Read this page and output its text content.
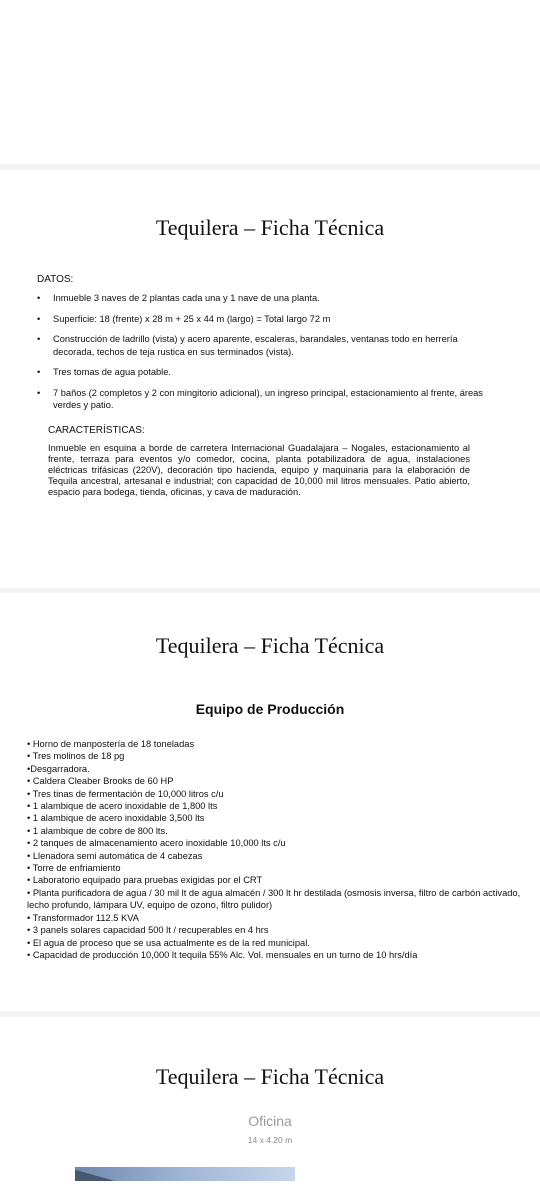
Tequilera – Ficha Técnica
DATOS:
• Inmueble 3 naves de 2 plantas cada una y 1 nave de una planta.
• Superficie: 18 (frente) x 28 m + 25 x 44 m (largo) = Total largo 72 m
• Construcción de ladrillo (vista) y acero aparente, escaleras, barandales, ventanas todo en herrería decorada, techos de teja rustica en sus terminados (vista).
• Tres tomas de agua potable.
• 7 baños (2 completos y 2 con mingitorio adicional), un ingreso principal, estacionamiento al frente, áreas verdes y patio.
CARACTERÍSTICAS:
Inmueble en esquina a borde de carretera Internacional Guadalajara – Nogales, estacionamiento al frente, terraza para eventos y/o comedor, cocina, planta potabilizadora de agua, instalaciones eléctricas trifásicas (220V), decoración tipo hacienda, equipo y maquinaria para la elaboración de Tequila ancestral, artesanal e industrial; con capacidad de 10,000 mil litros mensuales. Patio abierto, espacio para bodega, tienda, oficinas, y cava de maduración.
Tequilera – Ficha Técnica
Equipo de Producción
• Horno de manpostería de 18 toneladas
• Tres molinos de 18 pg
•Desgarradora.
• Caldera Cleaber Brooks de 60 HP
• Tres tinas de fermentación de 10,000 litros c/u
• 1 alambique de acero inoxidable de 1,800 lts
• 1 alambique de acero inoxidable 3,500 lts
• 1 alambique de cobre de 800 lts.
• 2 tanques de almacenamiento acero inoxidable 10,000 lts c/u
• Llenadora semi automática de 4 cabezas
• Torre de enfriamiento
• Laboratorio equipado para pruebas exigidas por el CRT
• Planta purificadora de agua / 30 mil lt de agua almacén / 300 lt hr destilada (osmosis inversa, filtro de carbón activado, lecho profundo, lámpara UV, equipo de ozono, filtro pulidor)
• Transformador 112.5 KVA
• 3 panels solares capacidad 500 lt / recuperables en 4 hrs
• El agua de proceso que se usa actualmente es de la red municipal.
• Capacidad de producción 10,000 lt tequila 55% Alc. Vol. mensuales en un turno de 10 hrs/día
Tequilera – Ficha Técnica
Oficina
14 x 4.20 m
